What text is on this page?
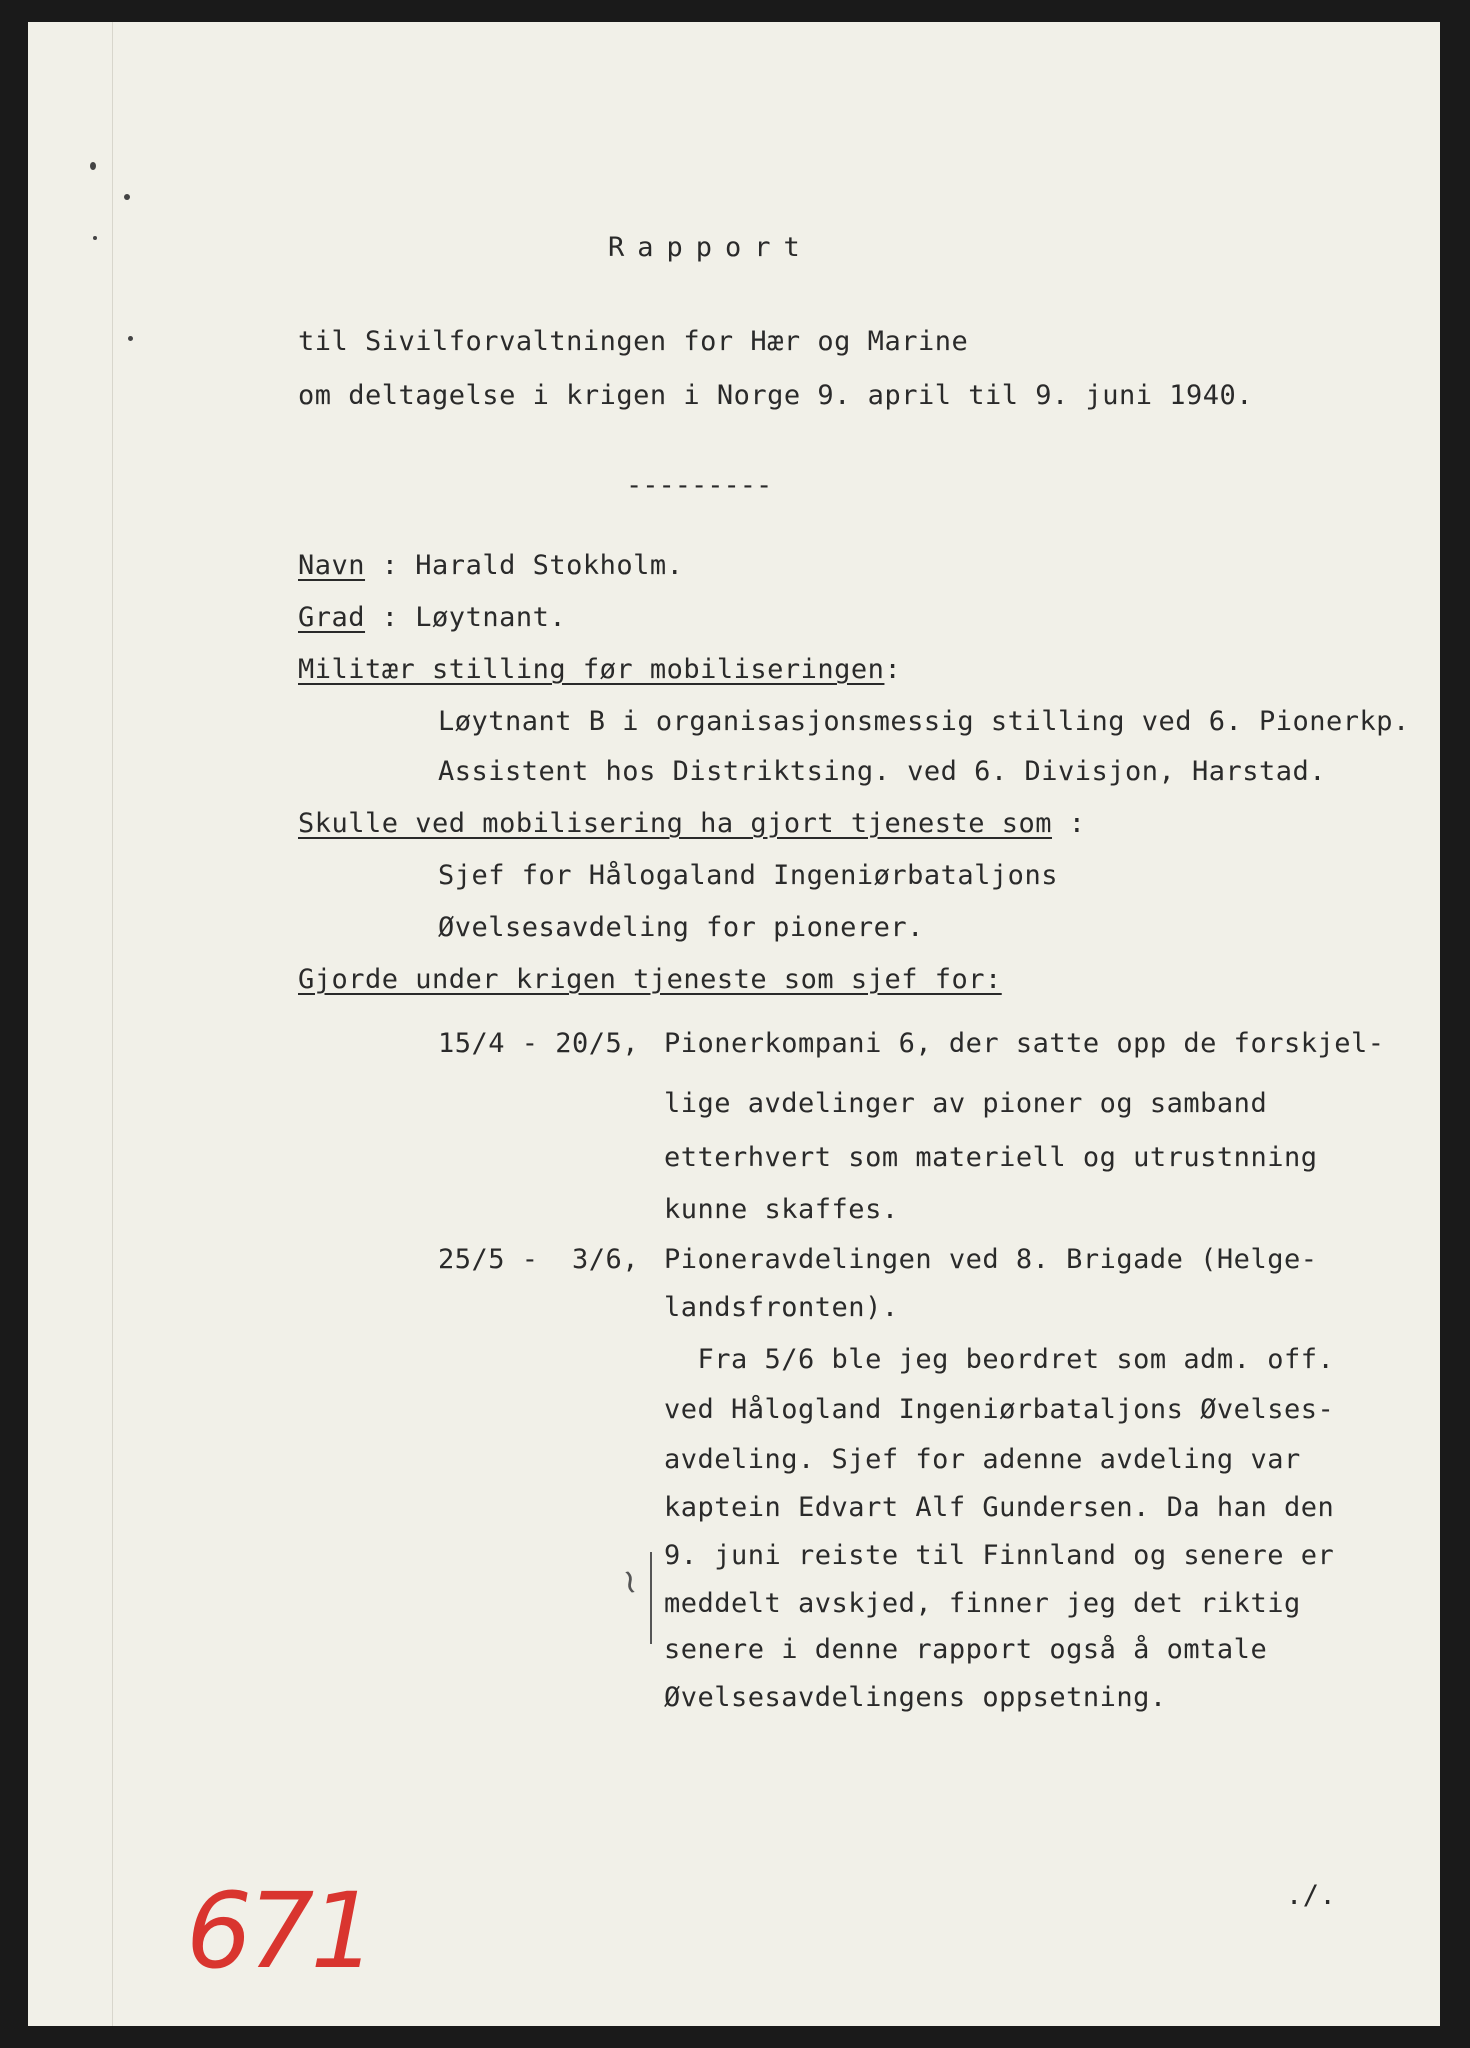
Rapport
til Sivilforvaltningen for Hær og Marine
om deltagelse i krigen i Norge 9. april til 9. juni 1940.
---------
Navn : Harald Stokholm.
Grad : Løytnant.
Militær stilling før mobiliseringen:
Løytnant B i organisasjonsmessig stilling ved 6. Pionerkp.
Assistent hos Distriktsing. ved 6. Divisjon, Harstad.
Skulle ved mobilisering ha gjort tjeneste som :
Sjef for Hålogaland Ingeniørbataljons
Øvelsesavdeling for pionerer.
Gjorde under krigen tjeneste som sjef for:
15/4 - 20/5, Pionerkompani 6, der satte opp de forskjel-
lige avdelinger av pioner og samband
etterhvert som materiell og utrustnning
kunne skaffes.
25/5 -  3/6, Pioneravdelingen ved 8. Brigade (Helge-
landsfronten).
Fra 5/6 ble jeg beordret som adm. off.
ved Hålogland Ingeniørbataljons Øvelses-
avdeling. Sjef for adenne avdeling var
kaptein Edvart Alf Gundersen. Da han den
9. juni reiste til Finnland og senere er
meddelt avskjed, finner jeg det riktig
senere i denne rapport også å omtale
Øvelsesavdelingens oppsetning.
~
./.
671
